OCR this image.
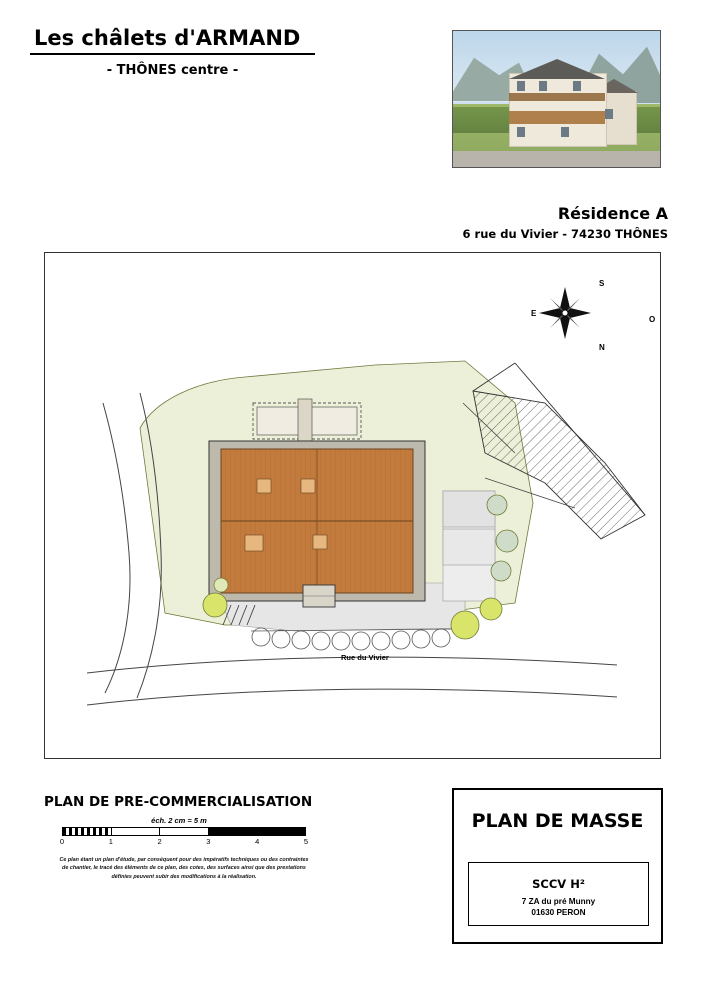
Les châlets d'ARMAND
- THÔNES centre -
Résidence A
6 rue du Vivier - 74230 THÔNES
S
N
E
O
Rue du Vivier
PLAN DE PRE-COMMERCIALISATION
éch. 2 cm = 5 m
0	1	2	3	4	5
Ce plan étant un plan d'étude, par conséquent pour des impératifs techniques ou des contraintes de chantier, le tracé des éléments de ce plan, des cotes, des surfaces ainsi que des prestations définies peuvent subir des modifications à la réalisation.
PLAN DE MASSE
SCCV H²
7 ZA du pré Munny
01630 PERON
